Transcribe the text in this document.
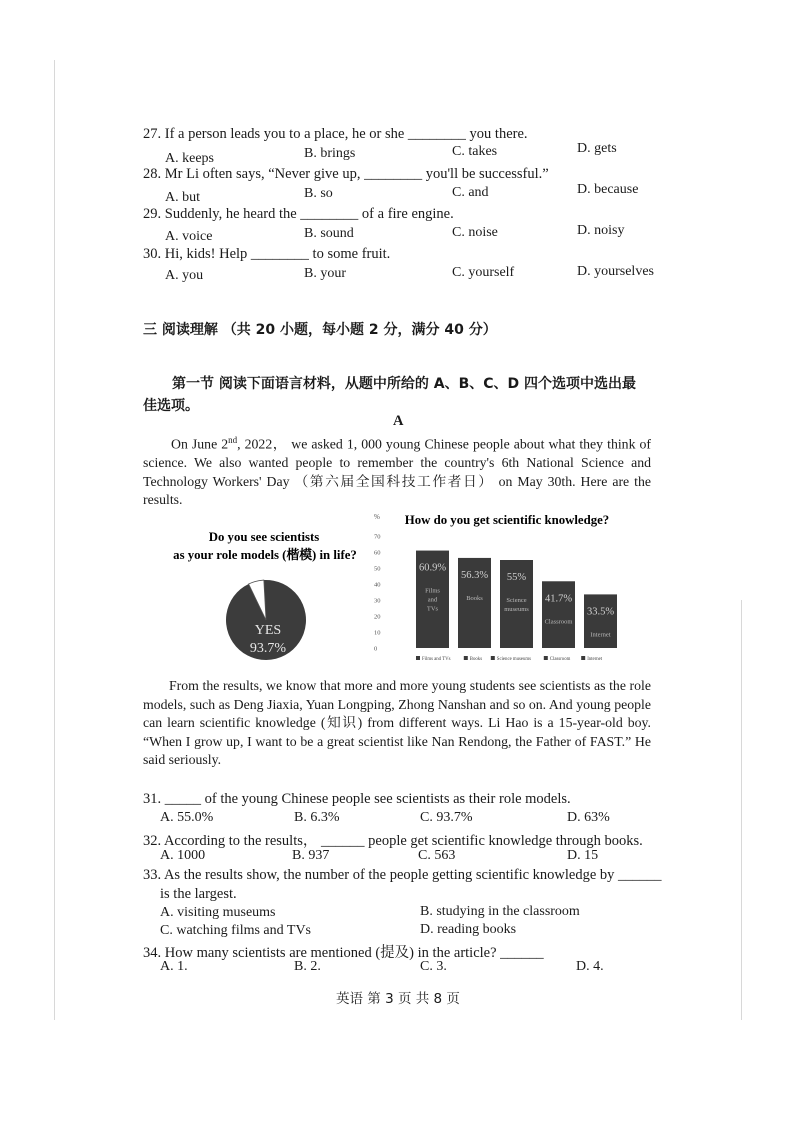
27. If a person leads you to a place, he or she ________ you there.
A. keeps	B. brings	C. takes	D. gets
28. Mr Li often says, “Never give up, ________ you'll be successful.”
A. but	B. so	C. and	D. because
29. Suddenly, he heard the ________ of a fire engine.
A. voice	B. sound	C. noise	D. noisy
30. Hi, kids! Help ________ to some fruit.
A. you	B. your	C. yourself	D. yourselves
三 阅读理解 （共 20 小题，每小题 2 分，满分 40 分）
第一节 阅读下面语言材料，从题中所给的 A、B、C、D 四个选项中选出最
佳选项。
A
On June 2nd, 2022， we asked 1, 000 young Chinese people about what they think of science. We also wanted people to remember the country's 6th National Science and Technology Workers' Day （第六届全国科技工作者日） on May 30th. Here are the results.
Do you see scientists
as your role models (楷模) in life?
YES
93.7%
How do you get scientific knowledge?
%
0
10
20
30
40
50
60
70
60.9%
Films
and
TVs
56.3%
Books
55%
Science
museums
41.7%
Classroom
33.5%
Internet
Films and TVs	Books	Science museums	Classroom	Internet
From the results, we know that more and more young students see scientists as the role models, such as Deng Jiaxia, Yuan Longping, Zhong Nanshan and so on. And young people can learn scientific knowledge (知识) from different ways. Li Hao is a 15-year-old boy. “When I grow up, I want to be a great scientist like Nan Rendong, the Father of FAST.” He said seriously.
31. _____ of the young Chinese people see scientists as their role models.
A. 55.0%	B. 6.3%	C. 93.7%	D. 63%
32. According to the results， ______ people get scientific knowledge through books.
A. 1000	B. 937	C. 563	D. 15
33. As the results show, the number of the people getting scientific knowledge by ______
is the largest.
A. visiting museums	B. studying in the classroom
C. watching films and TVs	D. reading books
34. How many scientists are mentioned (提及) in the article? ______
A. 1.	B. 2.	C. 3.	D. 4.
英语 第 3 页 共 8 页
